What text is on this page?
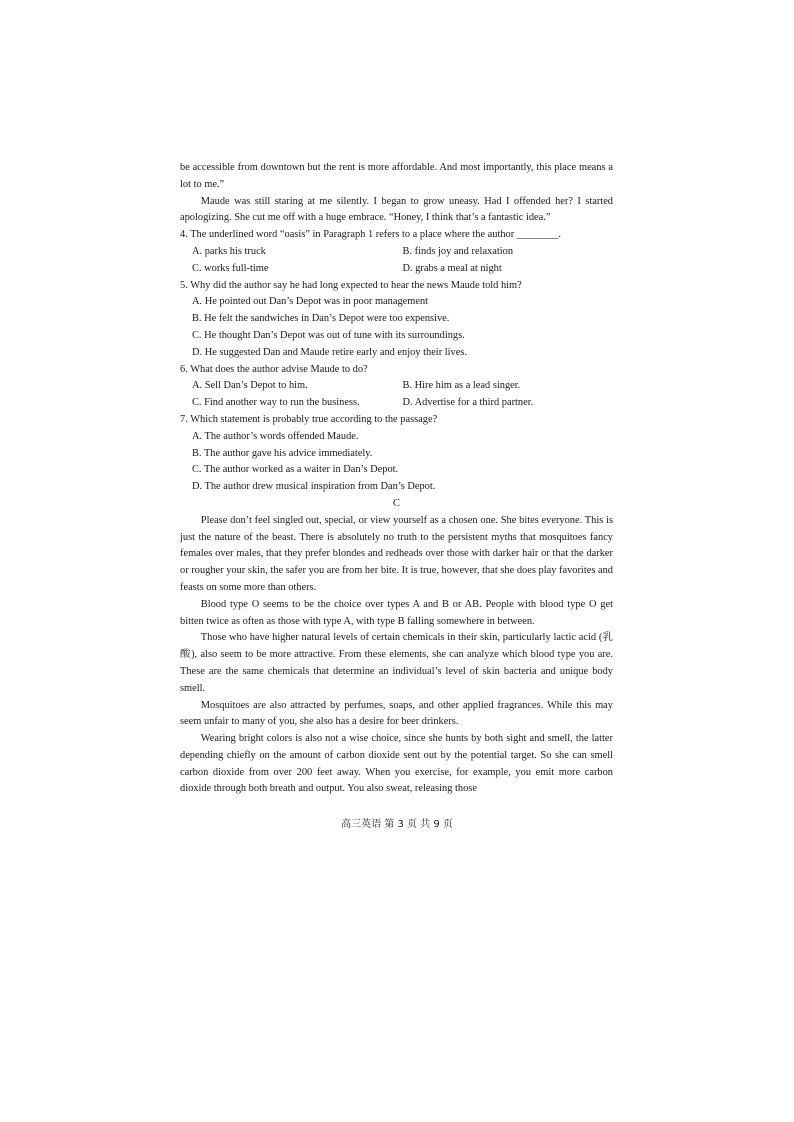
be accessible from downtown but the rent is more affordable. And most importantly, this place means a lot to me.”

Maude was still staring at me silently. I began to grow uneasy. Had I offended her? I started apologizing. She cut me off with a huge embrace. “Honey, I think that’s a fantastic idea.”

4. The underlined word “oasis” in Paragraph 1 refers to a place where the author ________.

A. parks his truck	B. finds joy and relaxation
C. works full-time	D. grabs a meal at night

5. Why did the author say he had long expected to hear the news Maude told him?

A. He pointed out Dan’s Depot was in poor management

B. He felt the sandwiches in Dan’s Depot were too expensive.

C. He thought Dan’s Depot was out of tune with its surroundings.

D. He suggested Dan and Maude retire early and enjoy their lives.

6. What does the author advise Maude to do?

A. Sell Dan’s Depot to him.	B. Hire him as a lead singer.
C. Find another way to run the business.	D. Advertise for a third partner.

7. Which statement is probably true according to the passage?

A. The author’s words offended Maude.

B. The author gave his advice immediately.

C. The author worked as a waiter in Dan’s Depot.

D. The author drew musical inspiration from Dan’s Depot.

C

Please don’t feel singled out, special, or view yourself as a chosen one. She bites everyone. This is just the nature of the beast. There is absolutely no truth to the persistent myths that mosquitoes fancy females over males, that they prefer blondes and redheads over those with darker hair or that the darker or rougher your skin, the safer you are from her bite. It is true, however, that she does play favorites and feasts on some more than others.

Blood type O seems to be the choice over types A and B or AB. People with blood type O get bitten twice as often as those with type A, with type B falling somewhere in between.

Those who have higher natural levels of certain chemicals in their skin, particularly lactic acid (乳酸), also seem to be more attractive. From these elements, she can analyze which blood type you are. These are the same chemicals that determine an individual’s level of skin bacteria and unique body smell.

Mosquitoes are also attracted by perfumes, soaps, and other applied fragrances. While this may seem unfair to many of you, she also has a desire for beer drinkers.

Wearing bright colors is also not a wise choice, since she hunts by both sight and smell, the latter depending chiefly on the amount of carbon dioxide sent out by the potential target. So she can smell carbon dioxide from over 200 feet away. When you exercise, for example, you emit more carbon dioxide through both breath and output. You also sweat, releasing those

高三英语 第 3 页 共 9 页
